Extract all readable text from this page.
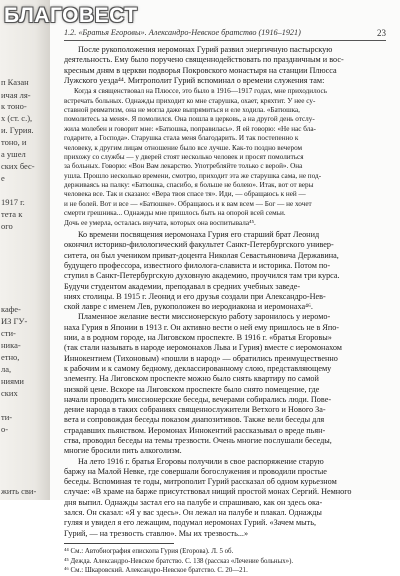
п Казан
ичая ля-
к тоно-
х (ст. с.),
и. Гурия.
тоно, и
а ушел
ских бес-
е
1917 г.
тета к
ого
кафе-
ИЗ ГУ-
сти-
ника-
етно,
ла,
ниями
ских
ти-
о-
жить сви-
1.2. «Братья Егоровы». Александро-Невское братство (1916–1921)	23
После рукоположения иеромонах Гурий развил энергичную пастырскую
деятельность. Ему было поручено священнодействовать по праздничным и вос-
кресным дням в церкви подворья Покровского монастыря на станции Плюсса
Лужского уезда⁴⁴. Митрополит Гурий вспоминал о времени служения там:
Когда я священствовал на Плюссе, это было в 1916—1917 годах, мне приходилось
встречать больных. Однажды приходит ко мне старушка, охает, кряхтит. У нее су-
ставной ревматизм, она не могла даже выпрямиться и еле ходила. «Батюшка,
помолитесь за меня». Я помолился. Она пошла в церковь, а на другой день отслу-
жила молебен и говорит мне: «Батюшка, поправилась». Я ей говорю: «Не нас бла-
годарите, а Господа». Старушка стала меня благодарить. И так постепенно к
человеку, к другим лицам отношение было все лучше. Как-то поздно вечером
прихожу со службы — у дверей стоят несколько человек и просят помолиться
за больных. Говорю: «Вон Вам лекарство. Употребляйте только с верой». Она
ушла. Прошло несколько времени, смотрю, приходит эта же старушка сама, не под-
держиваясь на палку: «Батюшка, спасибо, я больше не болею». Итак, вот от веры
человека все. Так и сказано: «Вера твоя спасе тя». Иди, — обращаюсь к ней —
и не болей. Вот и все — «Батюшке». Обращаюсь и к вам всем — Бог — не хочет
смерти грешника... Однажды мне пришлось быть на опорой всей семьи.
Дочь ее умерла, осталась внучата, которых она воспитывала⁴⁵.
Ко времени посвящения иеромонаха Гурия его старший брат Леонид
окончил историко-филологический факультет Санкт-Петербургского универ-
ситета, он был учеником приват-доцента Николая Севастьяновича Державина,
будущего профессора, известного филолога-слависта и историка. Потом по-
ступил в Санкт-Петербургскую духовную академию, проучился там три курса.
Будучи студентом академии, преподавал в средних учебных заведе-
ниях столицы. В 1915 г. Леонид и его друзья создали при Александро-Нев-
ской лавре с именем Лев, рукоположен во иеродиакона и иеромонаха⁴⁶.
Пламенное желание вести миссионерскую работу заронилось у иеромо-
наха Гурия в Японии в 1913 г. Он активно вести о ней ему пришлось не в Япо-
нии, а в родном городе, на Лиговском проспекте. В 1916 г. «братья Егоровы»
(так стали называть в народе иеромонахов Льва и Гурия) вместе с иеромонахом
Иннокентием (Тихоновым) «пошли в народ» — обратились преимущественно
к рабочим и к самому бедному, деклассированному слою, представляющему
элементу. На Лиговском проспекте можно было снять квартиру по самой
низкой цене. Вскоре на Лиговском проспекте было снято помещение, где
начали проводить миссионерские беседы, вечерами собирались люди. Пове-
дение народа в таких собраниях священнослужители Ветхого и Нового За-
вета и сопровождая беседы показом диапозитивов. Также вели беседы для
страдавших пьянством. Иеромонах Иннокентий рассказывал о вреде пьян-
ства, проводил беседы на темы трезвости. Очень многие послушали беседы,
многие бросили пить алкоголизм.
На лето 1916 г. братья Егоровы получили в свое распоряжение старую
баржу на Малой Невке, где совершали богослужения и проводили простые
беседы. Вспоминая те годы, митрополит Гурий рассказал об одном курьезном
случае: «В храме на барже присутствовал нищий простой монах Сергий. Немного
дня выпил. Однажды застал его на палубе и спрашиваю, как он здесь ока-
зался. Он сказал: «Я у вас здесь». Он лежал на палубе и плакал. Однажды
гуляя и увидел я его лежащим, подумал иеромонах Гурий. «Зачем мыть,
Гурий, — на трезвость ставлю». Мы их трезвость...»
⁴⁴ См.: Автобиография епископа Гурия (Егорова). Л. 5 об.
⁴⁵ Дежда. Александро-Невское братство. С. 138 (рассказ «Лечение больных»).
⁴⁶ См.: Шкаровский. Александро-Невское братство. С. 20—21.
БЛАГОВЕСТ
